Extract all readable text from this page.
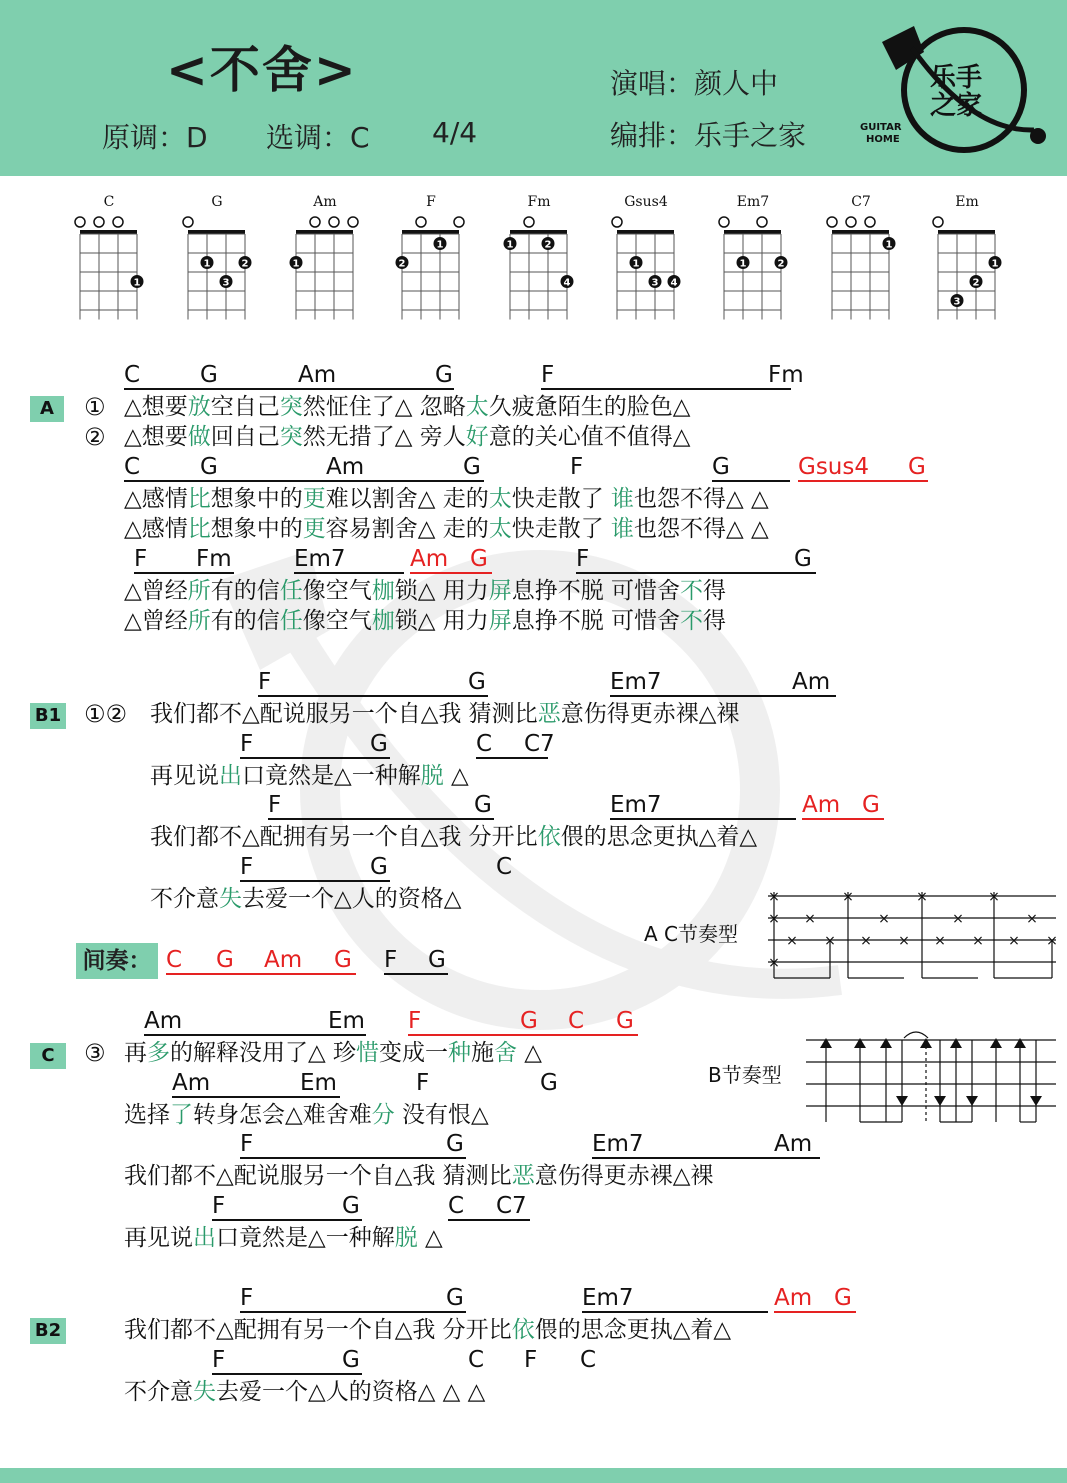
<不舍>
原调：D 选调：C 4/4
演唱：颜人中
编排：乐手之家
乐手
之家
GUITAR
HOME
C
1
G
1	2
3
Am
1
F
1
2
Fm
1	2
4
Gsus4
1
3 4
Em7
1	2
C7
1
Em
1
2
3
A
B1
C
B2
C	G	Am	G	F	Fm
① △想要放空自己突然怔住了△ 忽略太久疲惫陌生的脸色△
② △想要做回自己突然无措了△ 旁人好意的关心值不值得△
C	G	Am	G	F	G	Gsus4 G
△感情比想象中的更难以割舍△ 走的太快走散了 谁也怨不得△ △
△感情比想象中的更容易割舍△ 走的太快走散了 谁也怨不得△ △
F Fm	Em7	Am G	F	G
△曾经所有的信任像空气枷锁△ 用力屏息挣不脱 可惜舍不得
△曾经所有的信任像空气枷锁△ 用力屏息挣不脱 可惜舍不得
F	G	Em7	Am
①② 我们都不△配说服另一个自△我 猜测比恶意伤得更赤裸△裸
F	G	C C7
再见说出口竟然是△一种解脱 △
F	G	Em7	Am G
我们都不△配拥有另一个自△我 分开比依偎的思念更执△着△
F	G	C
不介意失去爱一个△人的资格△
Am	Em F	G C G
③ 再多的解释没用了△ 珍惜变成一种施舍 △
Am	Em	F	G
选择了转身怎会△难舍难分 没有恨△
F	G	Em7	Am
我们都不△配说服另一个自△我 猜测比恶意伤得更赤裸△裸
F	G	C C7
再见说出口竟然是△一种解脱 △
F	G	Em7	Am G
我们都不△配拥有另一个自△我 分开比依偎的思念更执△着△
F	G	C F C
不介意失去爱一个△人的资格△ △ △
间奏： C G Am G F G
A C节奏型
×	×	×	×
× ×	×	×	×
× × × × × × × ×
×
B节奏型
